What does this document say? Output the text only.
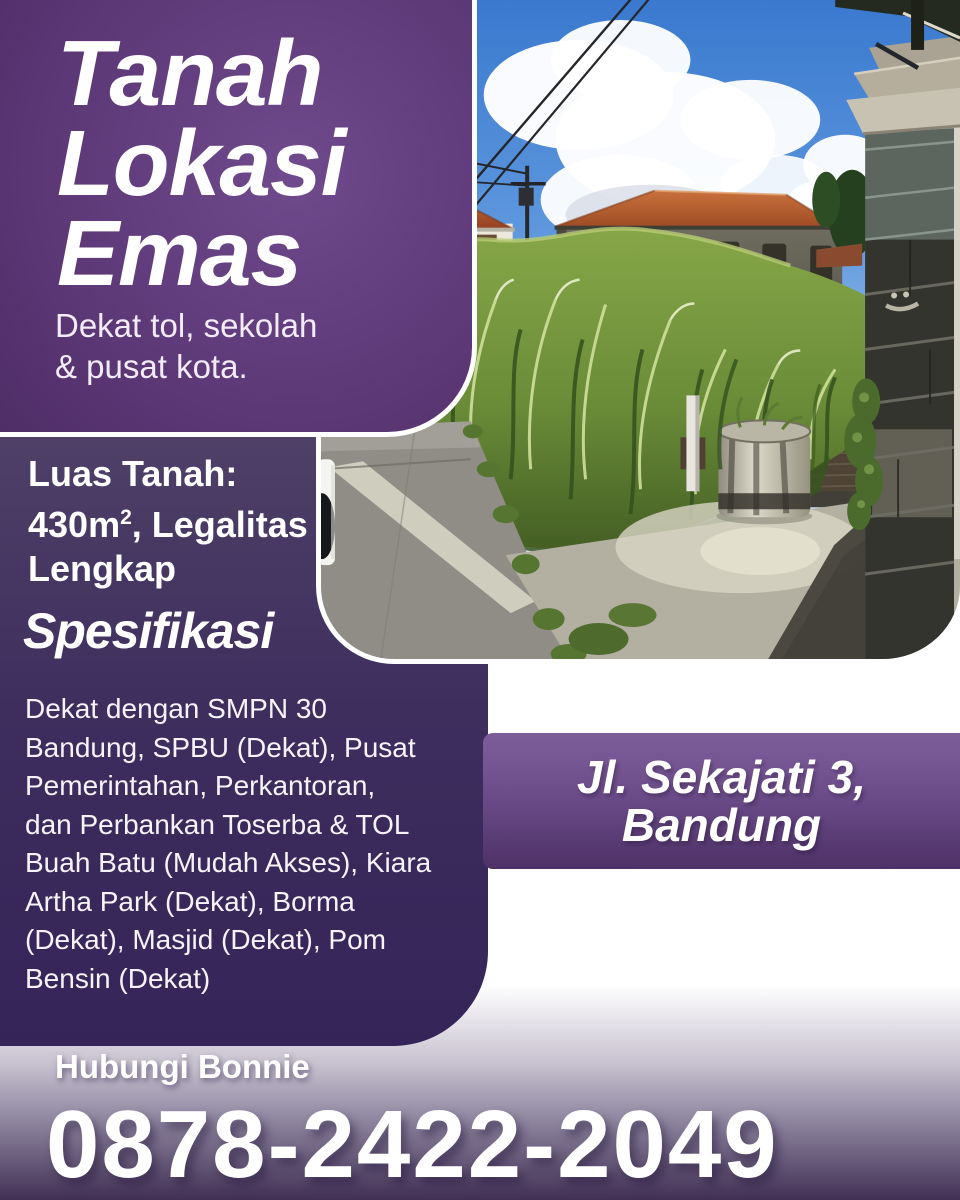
Tanah
Lokasi
Emas
Dekat tol, sekolah
& pusat kota.
Luas Tanah:
$430m^2$, Legalitas
Lengkap
Spesifikasi
Dekat dengan SMPN 30
Bandung, SPBU (Dekat), Pusat
Pemerintahan, Perkantoran,
dan Perbankan Toserba & TOL
Buah Batu (Mudah Akses), Kiara
Artha Park (Dekat), Borma
(Dekat), Masjid (Dekat), Pom
Bensin (Dekat)
Jl. Sekajati 3,
Bandung
Hubungi Bonnie
0878-2422-2049
